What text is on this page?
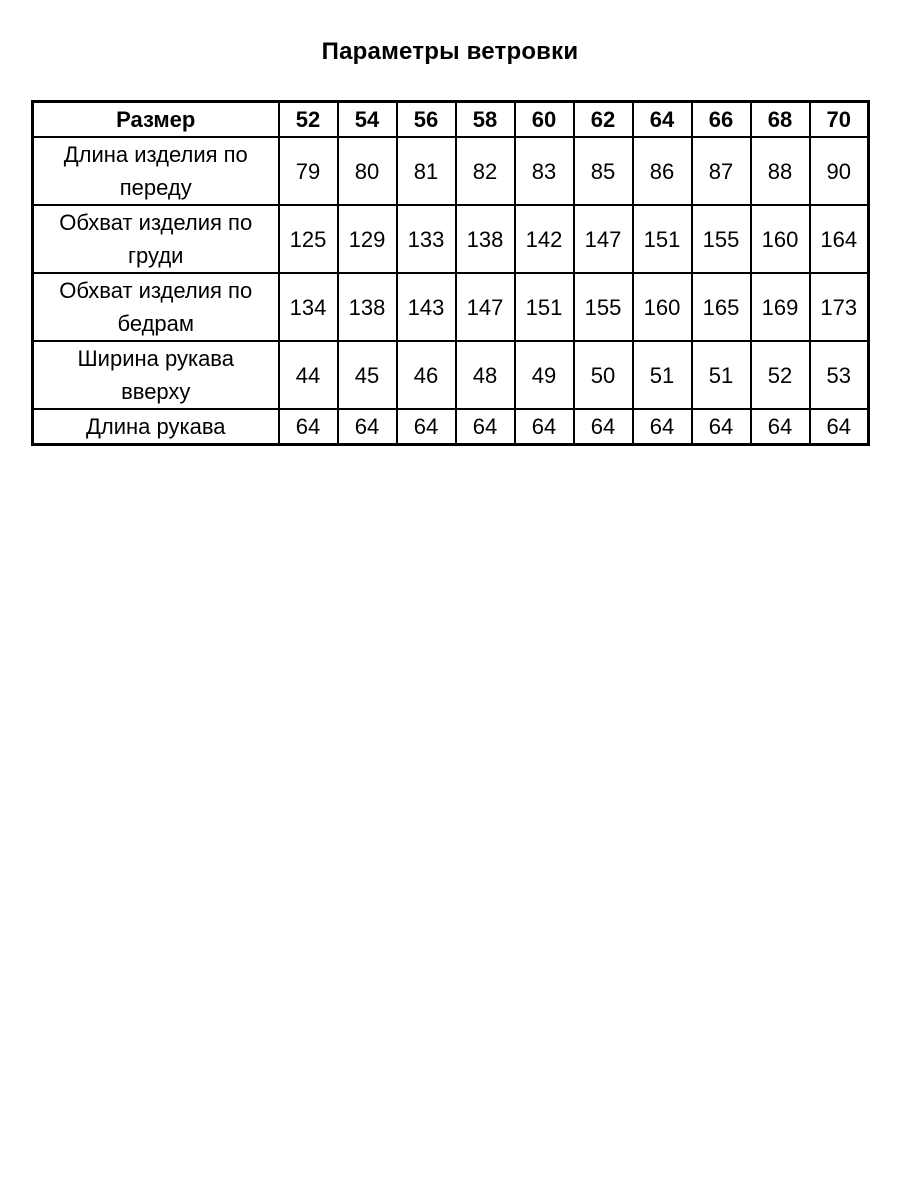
Параметры ветровки
Размер	52	54	56	58	60	62	64	66	68	70
Длина изделия по
переду	79	80	81	82	83	85	86	87	88	90
Обхват изделия по
груди	125	129	133	138	142	147	151	155	160	164
Обхват изделия по
бедрам	134	138	143	147	151	155	160	165	169	173
Ширина рукава
вверху	44	45	46	48	49	50	51	51	52	53
Длина рукава	64	64	64	64	64	64	64	64	64	64
